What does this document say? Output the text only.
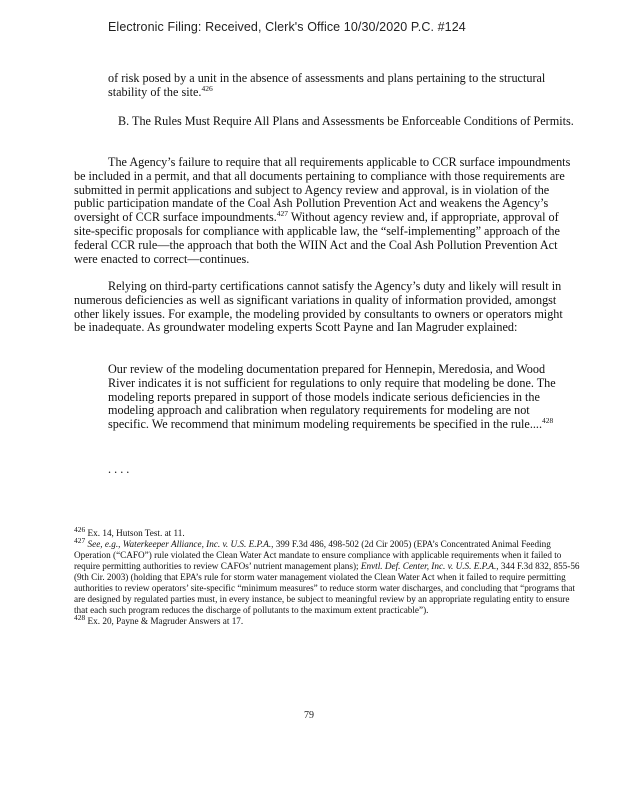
Electronic Filing: Received, Clerk's Office 10/30/2020 P.C. #124

of risk posed by a unit in the absence of assessments and plans pertaining to the structural stability of the site.$^{426}$

B. The Rules Must Require All Plans and Assessments be Enforceable Conditions of Permits.

The Agency’s failure to require that all requirements applicable to CCR surface impoundments be included in a permit, and that all documents pertaining to compliance with those requirements are submitted in permit applications and subject to Agency review and approval, is in violation of the public participation mandate of the Coal Ash Pollution Prevention Act and weakens the Agency’s oversight of CCR surface impoundments.$^{427}$ Without agency review and, if appropriate, approval of site-specific proposals for compliance with applicable law, the “self-implementing” approach of the federal CCR rule—the approach that both the WIIN Act and the Coal Ash Pollution Prevention Act were enacted to correct—continues.

Relying on third-party certifications cannot satisfy the Agency’s duty and likely will result in numerous deficiencies as well as significant variations in quality of information provided, amongst other likely issues. For example, the modeling provided by consultants to owners or operators might be inadequate. As groundwater modeling experts Scott Payne and Ian Magruder explained:

Our review of the modeling documentation prepared for Hennepin, Meredosia, and Wood River indicates it is not sufficient for regulations to only require that modeling be done. The modeling reports prepared in support of those models indicate serious deficiencies in the modeling approach and calibration when regulatory requirements for modeling are not specific. We recommend that minimum modeling requirements be specified in the rule....$^{428}$

. . . .

$^{426}$ Ex. 14, Hutson Test. at 11.

$^{427}$ See, e.g., Waterkeeper Alliance, Inc. v. U.S. E.P.A., 399 F.3d 486, 498-502 (2d Cir 2005) (EPA’s Concentrated Animal Feeding Operation (“CAFO”) rule violated the Clean Water Act mandate to ensure compliance with applicable requirements when it failed to require permitting authorities to review CAFOs’ nutrient management plans); Envtl. Def. Center, Inc. v. U.S. E.P.A., 344 F.3d 832, 855-56 (9th Cir. 2003) (holding that EPA’s rule for storm water management violated the Clean Water Act when it failed to require permitting authorities to review operators’ site-specific “minimum measures” to reduce storm water discharges, and concluding that “programs that are designed by regulated parties must, in every instance, be subject to meaningful review by an appropriate regulating entity to ensure that each such program reduces the discharge of pollutants to the maximum extent practicable”).

$^{428}$ Ex. 20, Payne & Magruder Answers at 17.

79
